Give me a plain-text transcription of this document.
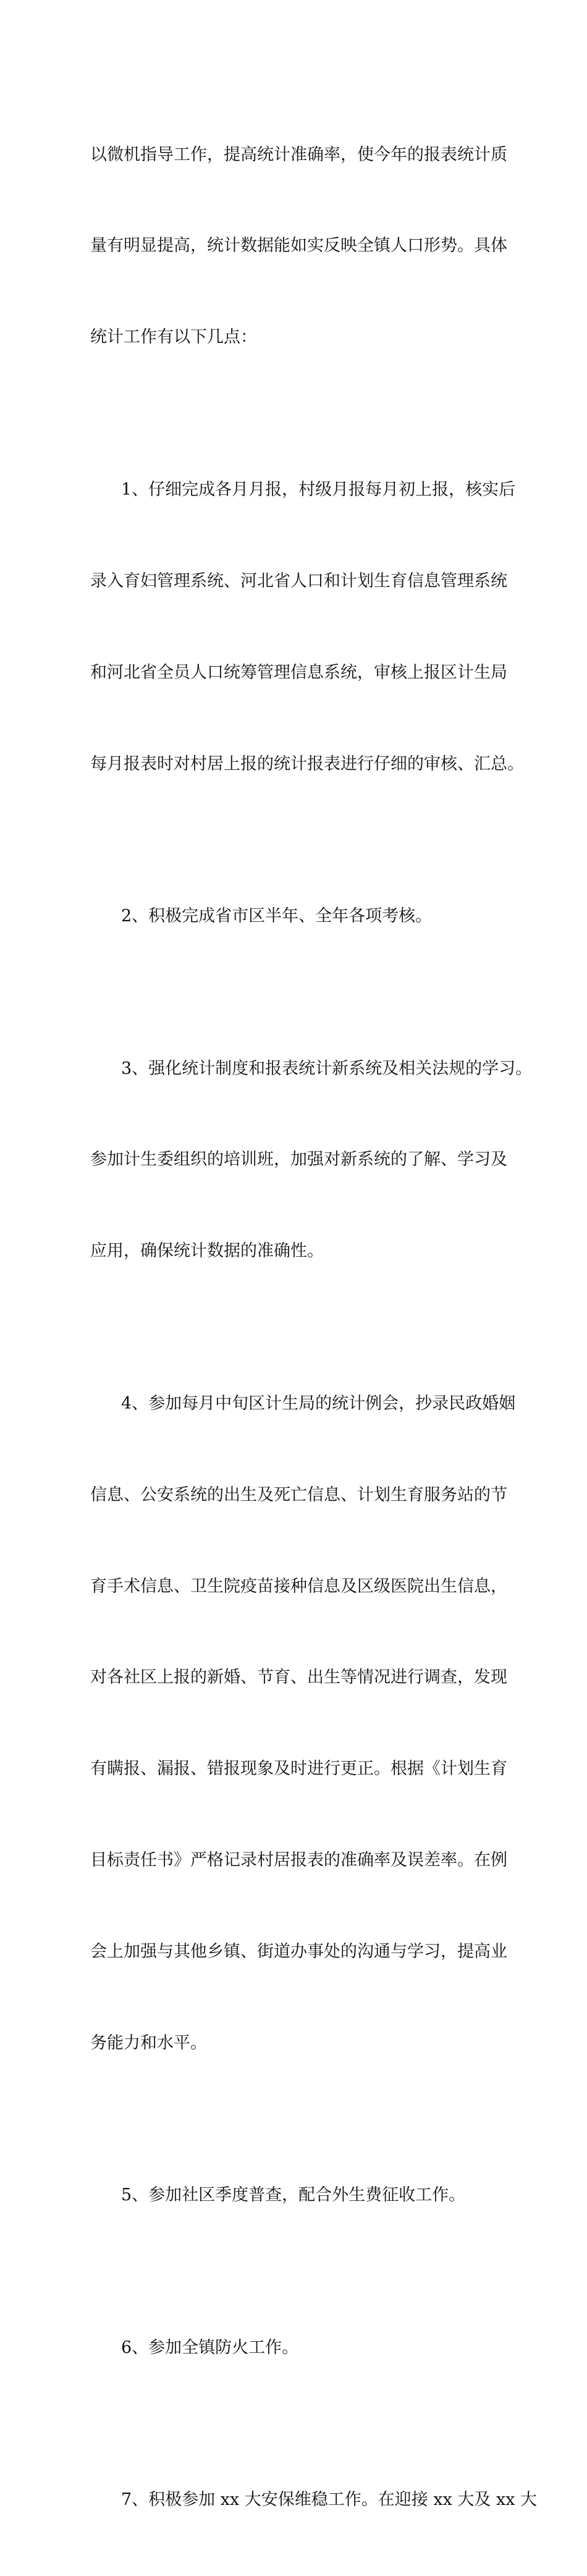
以微机指导工作，提高统计准确率，使今年的报表统计质

量有明显提高，统计数据能如实反映全镇人口形势。具体

统计工作有以下几点：

1、仔细完成各月月报，村级月报每月初上报，核实后

录入育妇管理系统、河北省人口和计划生育信息管理系统

和河北省全员人口统筹管理信息系统，审核上报区计生局

每月报表时对村居上报的统计报表进行仔细的审核、汇总。

2、积极完成省市区半年、全年各项考核。

3、强化统计制度和报表统计新系统及相关法规的学习。

参加计生委组织的培训班，加强对新系统的了解、学习及

应用，确保统计数据的准确性。

4、参加每月中旬区计生局的统计例会，抄录民政婚姻

信息、公安系统的出生及死亡信息、计划生育服务站的节

育手术信息、卫生院疫苗接种信息及区级医院出生信息，

对各社区上报的新婚、节育、出生等情况进行调查，发现

有瞒报、漏报、错报现象及时进行更正。根据《计划生育

目标责任书》严格记录村居报表的准确率及误差率。在例

会上加强与其他乡镇、街道办事处的沟通与学习，提高业

务能力和水平。

5、参加社区季度普查，配合外生费征收工作。

6、参加全镇防火工作。

7、积极参加 xx 大安保维稳工作。在迎接 xx 大及 xx 大
